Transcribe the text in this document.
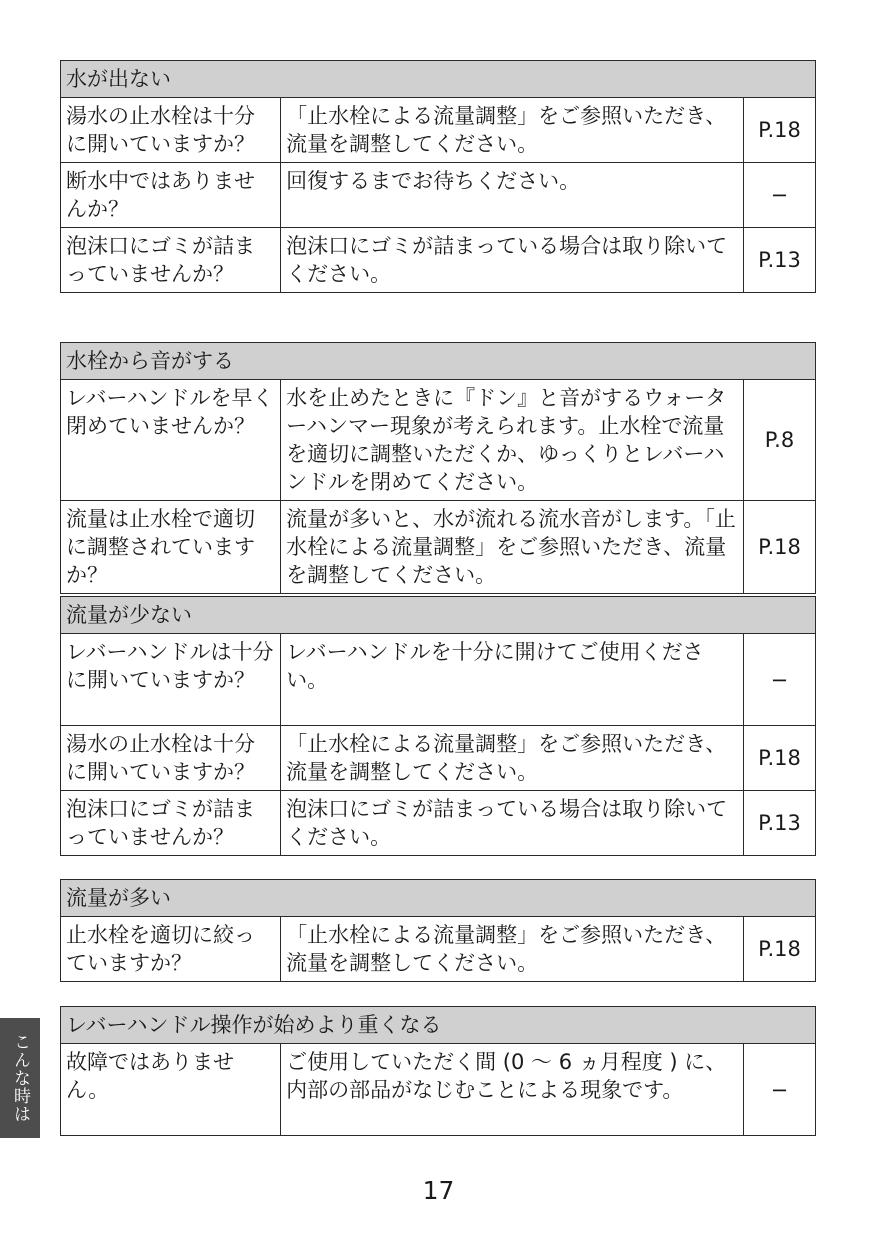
水が出ない		
湯水の止水栓は十分に開いていますか？	「止水栓による流量調整」をご参照いただき、流量を調整してください。	P.18
断水中ではありませんか？	回復するまでお待ちください。	−
泡沫口にゴミが詰まっていませんか？	泡沫口にゴミが詰まっている場合は取り除いてください。	P.13
水栓から音がする		
レバーハンドルを早く閉めていませんか？	水を止めたときに『ドン』と音がするウォーターハンマー現象が考えられます。止水栓で流量を適切に調整いただくか、ゆっくりとレバーハンドルを閉めてください。	P.8
流量は止水栓で適切に調整されていますか？	流量が多いと、水が流れる流水音がします。「止水栓による流量調整」をご参照いただき、流量を調整してください。	P.18
流量が少ない		
レバーハンドルは十分に開いていますか？	レバーハンドルを十分に開けてご使用ください。	−
湯水の止水栓は十分に開いていますか？	「止水栓による流量調整」をご参照いただき、流量を調整してください。	P.18
泡沫口にゴミが詰まっていませんか？	泡沫口にゴミが詰まっている場合は取り除いてください。	P.13
流量が多い
止水栓を適切に絞っていますか？	「止水栓による流量調整」をご参照いただき、流量を調整してください。	P.18
レバーハンドル操作が始めより重くなる
故障ではありません。	ご使用していただく間 (0 〜 6 ヵ月程度 ) に、内部の部品がなじむことによる現象です。	−
こんな時は
17
